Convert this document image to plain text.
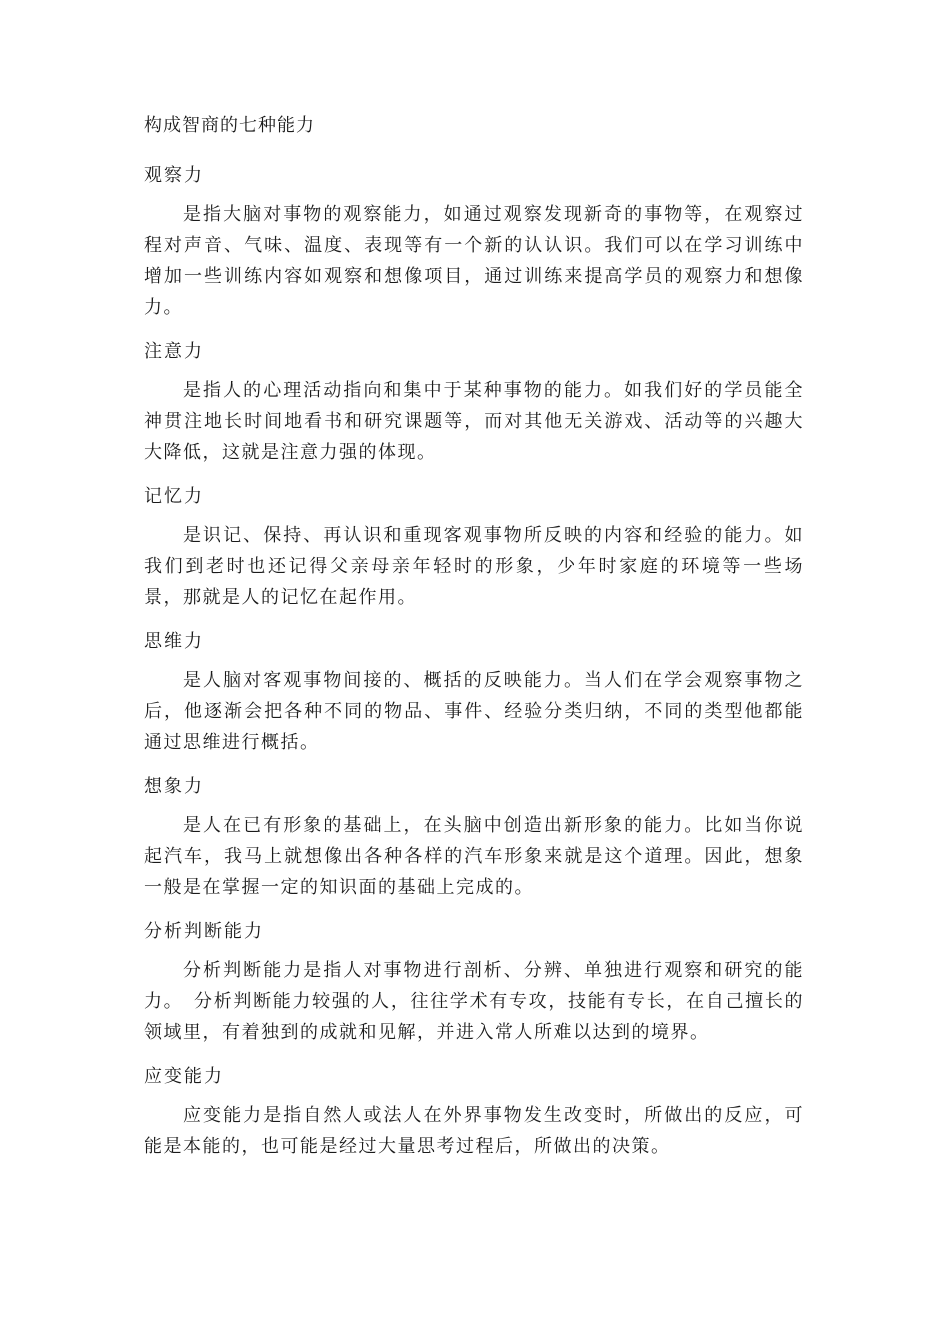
构成智商的七种能力
观察力

是指大脑对事物的观察能力，如通过观察发现新奇的事物等，在观察过程对声音、气味、温度、表现等有一个新的认认识。我们可以在学习训练中增加一些训练内容如观察和想像项目，通过训练来提高学员的观察力和想像力。

注意力

是指人的心理活动指向和集中于某种事物的能力。如我们好的学员能全神贯注地长时间地看书和研究课题等，而对其他无关游戏、活动等的兴趣大大降低，这就是注意力强的体现。

记忆力

是识记、保持、再认识和重现客观事物所反映的内容和经验的能力。如我们到老时也还记得父亲母亲年轻时的形象，少年时家庭的环境等一些场景，那就是人的记忆在起作用。

思维力

是人脑对客观事物间接的、概括的反映能力。当人们在学会观察事物之后，他逐渐会把各种不同的物品、事件、经验分类归纳，不同的类型他都能通过思维进行概括。

想象力

是人在已有形象的基础上，在头脑中创造出新形象的能力。比如当你说起汽车，我马上就想像出各种各样的汽车形象来就是这个道理。因此，想象一般是在掌握一定的知识面的基础上完成的。

分析判断能力

分析判断能力是指人对事物进行剖析、分辨、单独进行观察和研究的能力。　分析判断能力较强的人，往往学术有专攻，技能有专长，在自己擅长的领域里，有着独到的成就和见解，并进入常人所难以达到的境界。

应变能力

应变能力是指自然人或法人在外界事物发生改变时，所做出的反应，可能是本能的，也可能是经过大量思考过程后，所做出的决策。
